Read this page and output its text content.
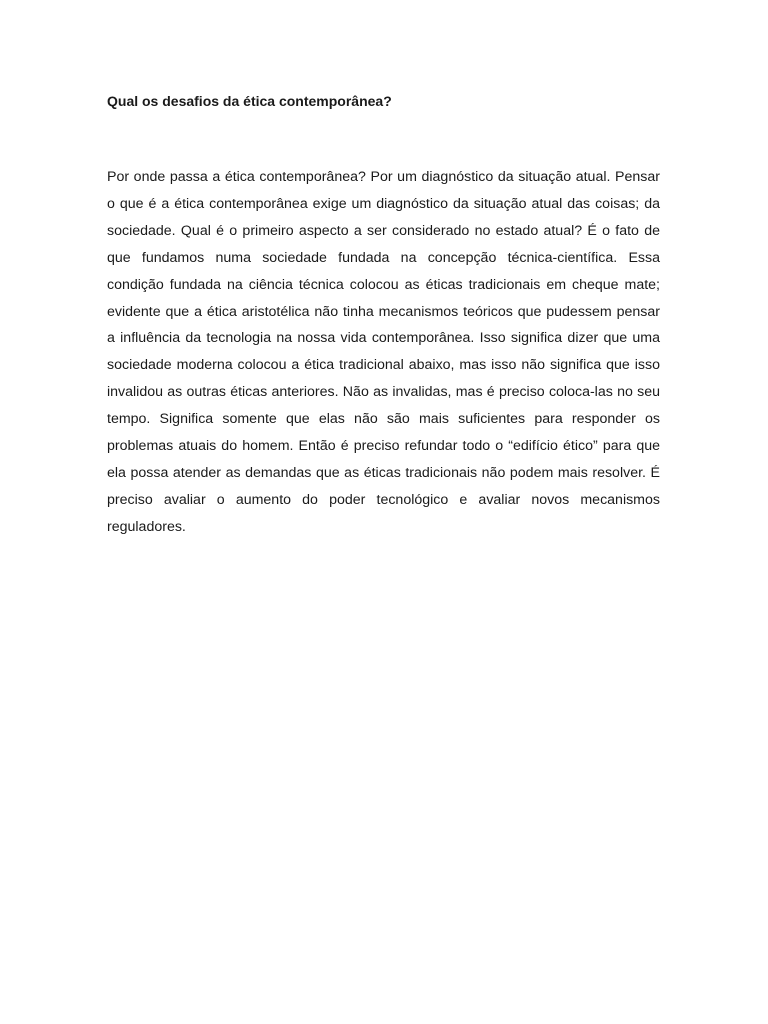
Qual os desafios da ética contemporânea?

Por onde passa a ética contemporânea? Por um diagnóstico da situação atual. Pensar o que é a ética contemporânea exige um diagnóstico da situação atual das coisas; da sociedade. Qual é o primeiro aspecto a ser considerado no estado atual? É o fato de que fundamos numa sociedade fundada na concepção técnica-científica. Essa condição fundada na ciência técnica colocou as éticas tradicionais em cheque mate; evidente que a ética aristotélica não tinha mecanismos teóricos que pudessem pensar a influência da tecnologia na nossa vida contemporânea. Isso significa dizer que uma sociedade moderna colocou a ética tradicional abaixo, mas isso não significa que isso invalidou as outras éticas anteriores. Não as invalidas, mas é preciso coloca-las no seu tempo. Significa somente que elas não são mais suficientes para responder os problemas atuais do homem. Então é preciso refundar todo o “edifício ético” para que ela possa atender as demandas que as éticas tradicionais não podem mais resolver. É preciso avaliar o aumento do poder tecnológico e avaliar novos mecanismos reguladores.
